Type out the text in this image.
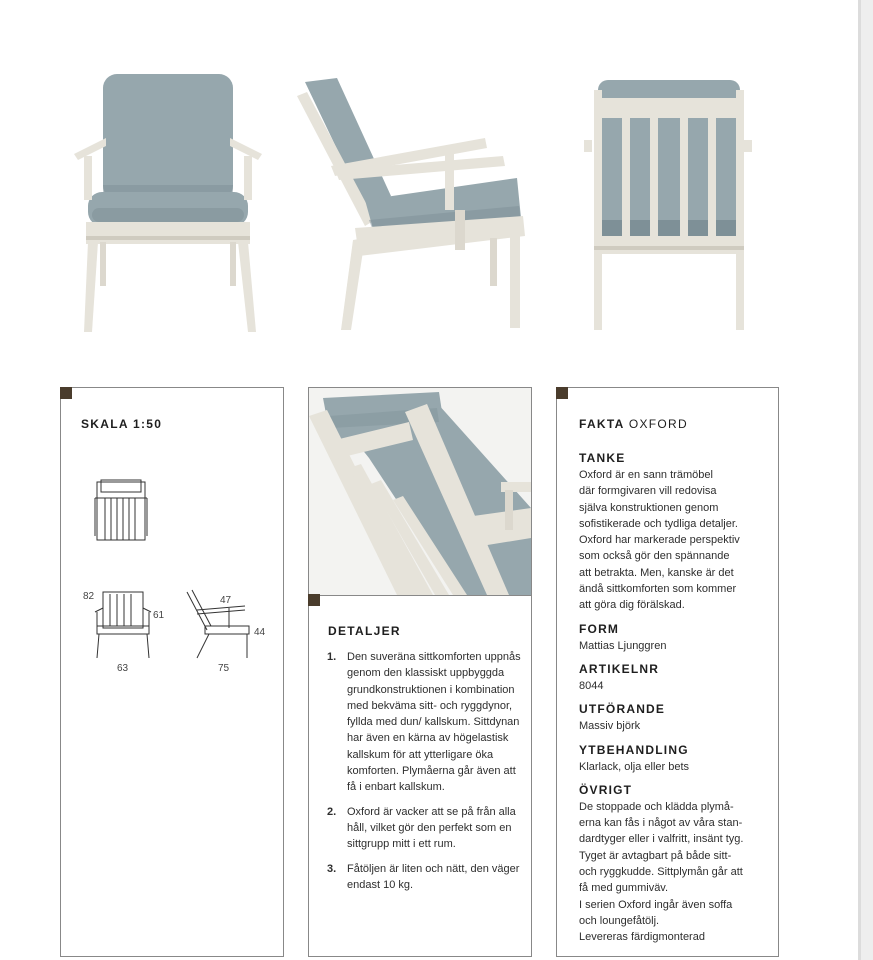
SKALA 1:50
82
61
63
47
44
75
DETALJER
1. Den suveräna sittkomforten uppnås genom den klassiskt uppbyggda grundkonstruktionen i kombination med bekväma sitt- och ryggdynor, fyllda med dun/ kallskum. Sittdynan har även en kärna av högelastisk kallskum för att ytterligare öka komforten. Plymåerna går även att få i enbart kallskum.
2. Oxford är vacker att se på från alla håll, vilket gör den perfekt som en sittgrupp mitt i ett rum.
3. Fåtöljen är liten och nätt, den väger endast 10 kg.
FAKTA OXFORD
TANKE
Oxford är en sann trämöbel
där formgivaren vill redovisa
själva konstruktionen genom
sofistikerade och tydliga detaljer.
Oxford har markerade perspektiv
som också gör den spännande
att betrakta. Men, kanske är det
ändå sittkomforten som kommer
att göra dig förälskad.
FORM
Mattias Ljunggren
ARTIKELNR
8044
UTFÖRANDE
Massiv björk
YTBEHANDLING
Klarlack, olja eller bets
ÖVRIGT
De stoppade och klädda plymå-
erna kan fås i något av våra stan-
dardtyger eller i valfritt, insänt tyg.
Tyget är avtagbart på både sitt-
och ryggkudde. Sittplymån går att
få med gummiväv.
I serien Oxford ingår även soffa
och loungefåtölj.
Levereras färdigmonterad
